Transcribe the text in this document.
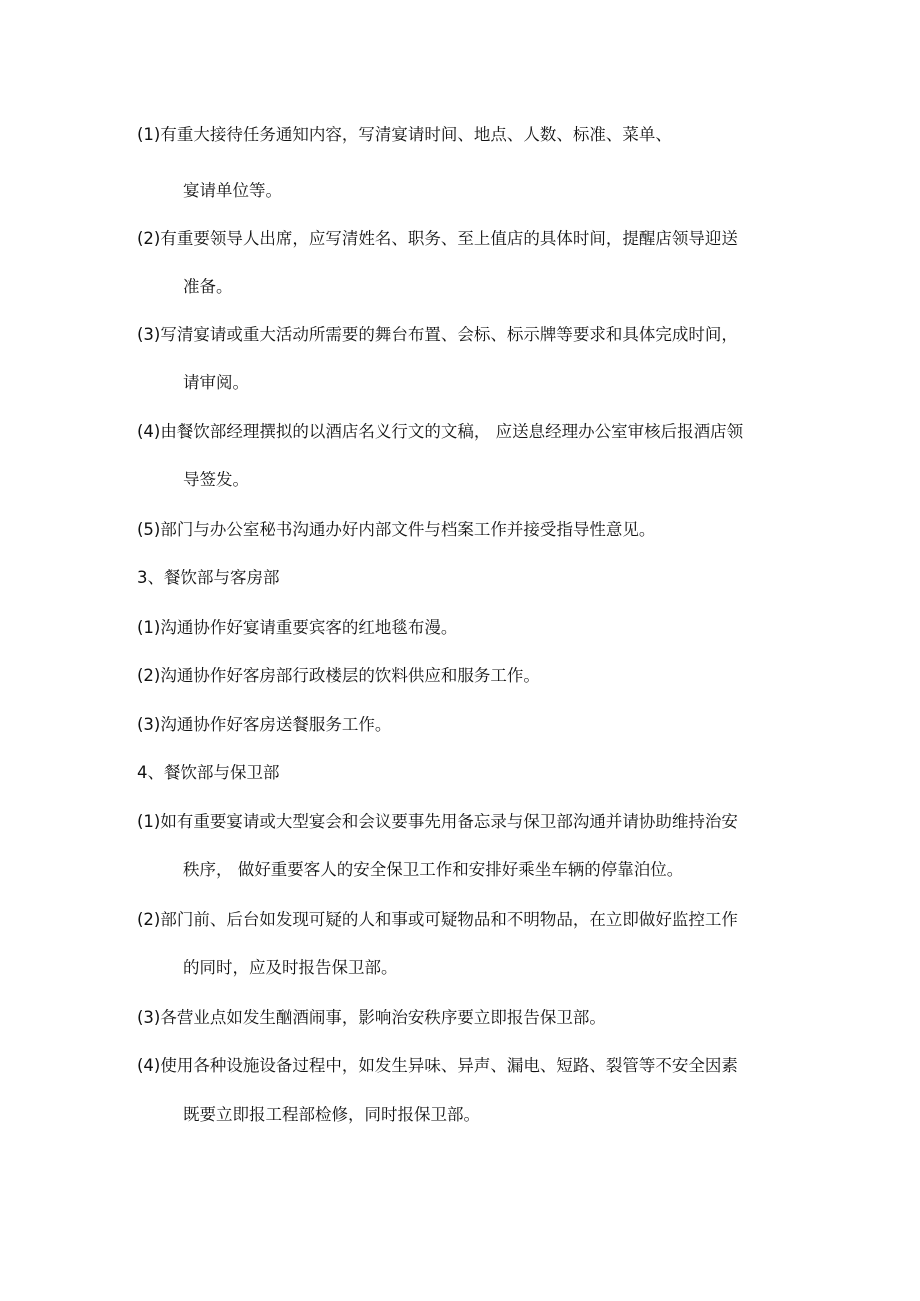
(1)有重大接待任务通知内容，写清宴请时间、地点、人数、标准、菜单、
宴请单位等。
(2)有重要领导人出席，应写清姓名、职务、至上值店的具体时间，提醒店领导迎送
准备。
(3)写清宴请或重大活动所需要的舞台布置、会标、标示牌等要求和具体完成时间，
请审阅。
(4)由餐饮部经理撰拟的以酒店名义行文的文稿， 应送息经理办公室审核后报酒店领
导签发。
(5)部门与办公室秘书沟通办好内部文件与档案工作并接受指导性意见。
3、餐饮部与客房部
(1)沟通协作好宴请重要宾客的红地毯布漫。
(2)沟通协作好客房部行政楼层的饮料供应和服务工作。
(3)沟通协作好客房送餐服务工作。
4、餐饮部与保卫部
(1)如有重要宴请或大型宴会和会议要事先用备忘录与保卫部沟通并请协助维持治安
秩序， 做好重要客人的安全保卫工作和安排好乘坐车辆的停靠泊位。
(2)部门前、后台如发现可疑的人和事或可疑物品和不明物品，在立即做好监控工作
的同时，应及时报告保卫部。
(3)各营业点如发生酗酒闹事，影响治安秩序要立即报告保卫部。
(4)使用各种设施设备过程中，如发生异味、异声、漏电、短路、裂管等不安全因素
既要立即报工程部检修，同时报保卫部。
